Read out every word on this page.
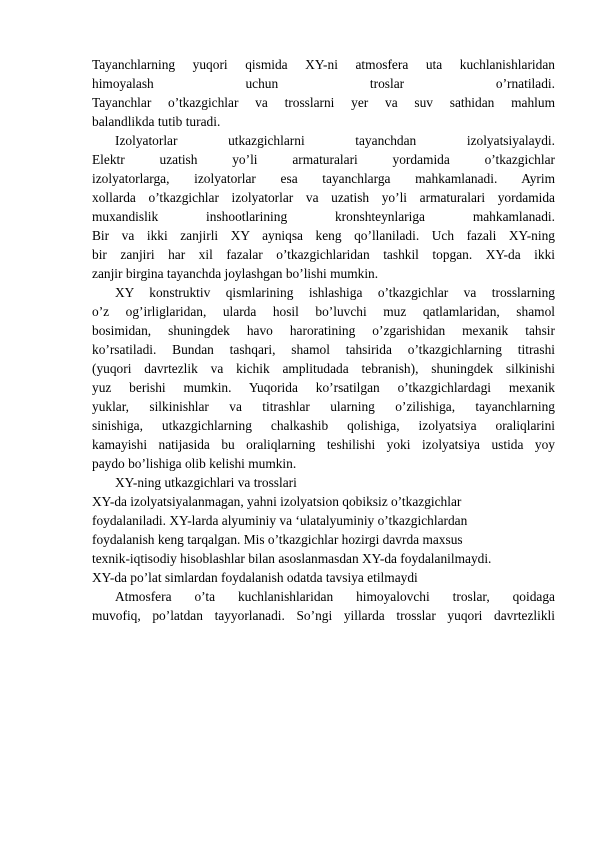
Tayanchlarning yuqori qismida XY-ni atmosfera uta kuchlanishlaridan
himoyalash uchun troslar o’rnatiladi.
Tayanchlar o’tkazgichlar va trosslarni yer va suv sathidan mahlum
balandlikda tutib turadi.
Izolyatorlar utkazgichlarni tayanchdan izolyatsiyalaydi.
Elektr uzatish yo’li armaturalari yordamida o’tkazgichlar
izolyatorlarga, izolyatorlar esa tayanchlarga mahkamlanadi. Ayrim
xollarda o’tkazgichlar izolyatorlar va uzatish yo’li armaturalari yordamida
muxandislik inshootlarining kronshteynlariga mahkamlanadi.
Bir va ikki zanjirli XY ayniqsa keng qo’llaniladi. Uch fazali XY-ning
bir zanjiri har xil fazalar o’tkazgichlaridan tashkil topgan. XY-da ikki
zanjir birgina tayanchda joylashgan bo’lishi mumkin.
XY konstruktiv qismlarining ishlashiga o’tkazgichlar va trosslarning
o’z og’irliglaridan, ularda hosil bo’luvchi muz qatlamlaridan, shamol
bosimidan, shuningdek havo haroratining o’zgarishidan mexanik tahsir
ko’rsatiladi. Bundan tashqari, shamol tahsirida o’tkazgichlarning titrashi
(yuqori davrtezlik va kichik amplitudada tebranish), shuningdek silkinishi
yuz berishi mumkin. Yuqorida ko’rsatilgan o’tkazgichlardagi mexanik
yuklar, silkinishlar va titrashlar ularning o’zilishiga, tayanchlarning
sinishiga, utkazgichlarning chalkashib qolishiga, izolyatsiya oraliqlarini
kamayishi natijasida bu oraliqlarning teshilishi yoki izolyatsiya ustida yoy
paydo bo’lishiga olib kelishi mumkin.
XY-ning utkazgichlari va trosslari
XY-da izolyatsiyalanmagan, yahni izolyatsion qobiksiz o’tkazgichlar
foydalaniladi. XY-larda alyuminiy va ‘ulatalyuminiy o’tkazgichlardan
foydalanish keng tarqalgan. Mis o’tkazgichlar hozirgi davrda maxsus
texnik-iqtisodiy hisoblashlar bilan asoslanmasdan XY-da foydalanilmaydi.
XY-da po’lat simlardan foydalanish odatda tavsiya etilmaydi
Atmosfera o’ta kuchlanishlaridan himoyalovchi troslar, qoidaga
muvofiq, po’latdan tayyorlanadi. So’ngi yillarda trosslar yuqori davrtezlikli
